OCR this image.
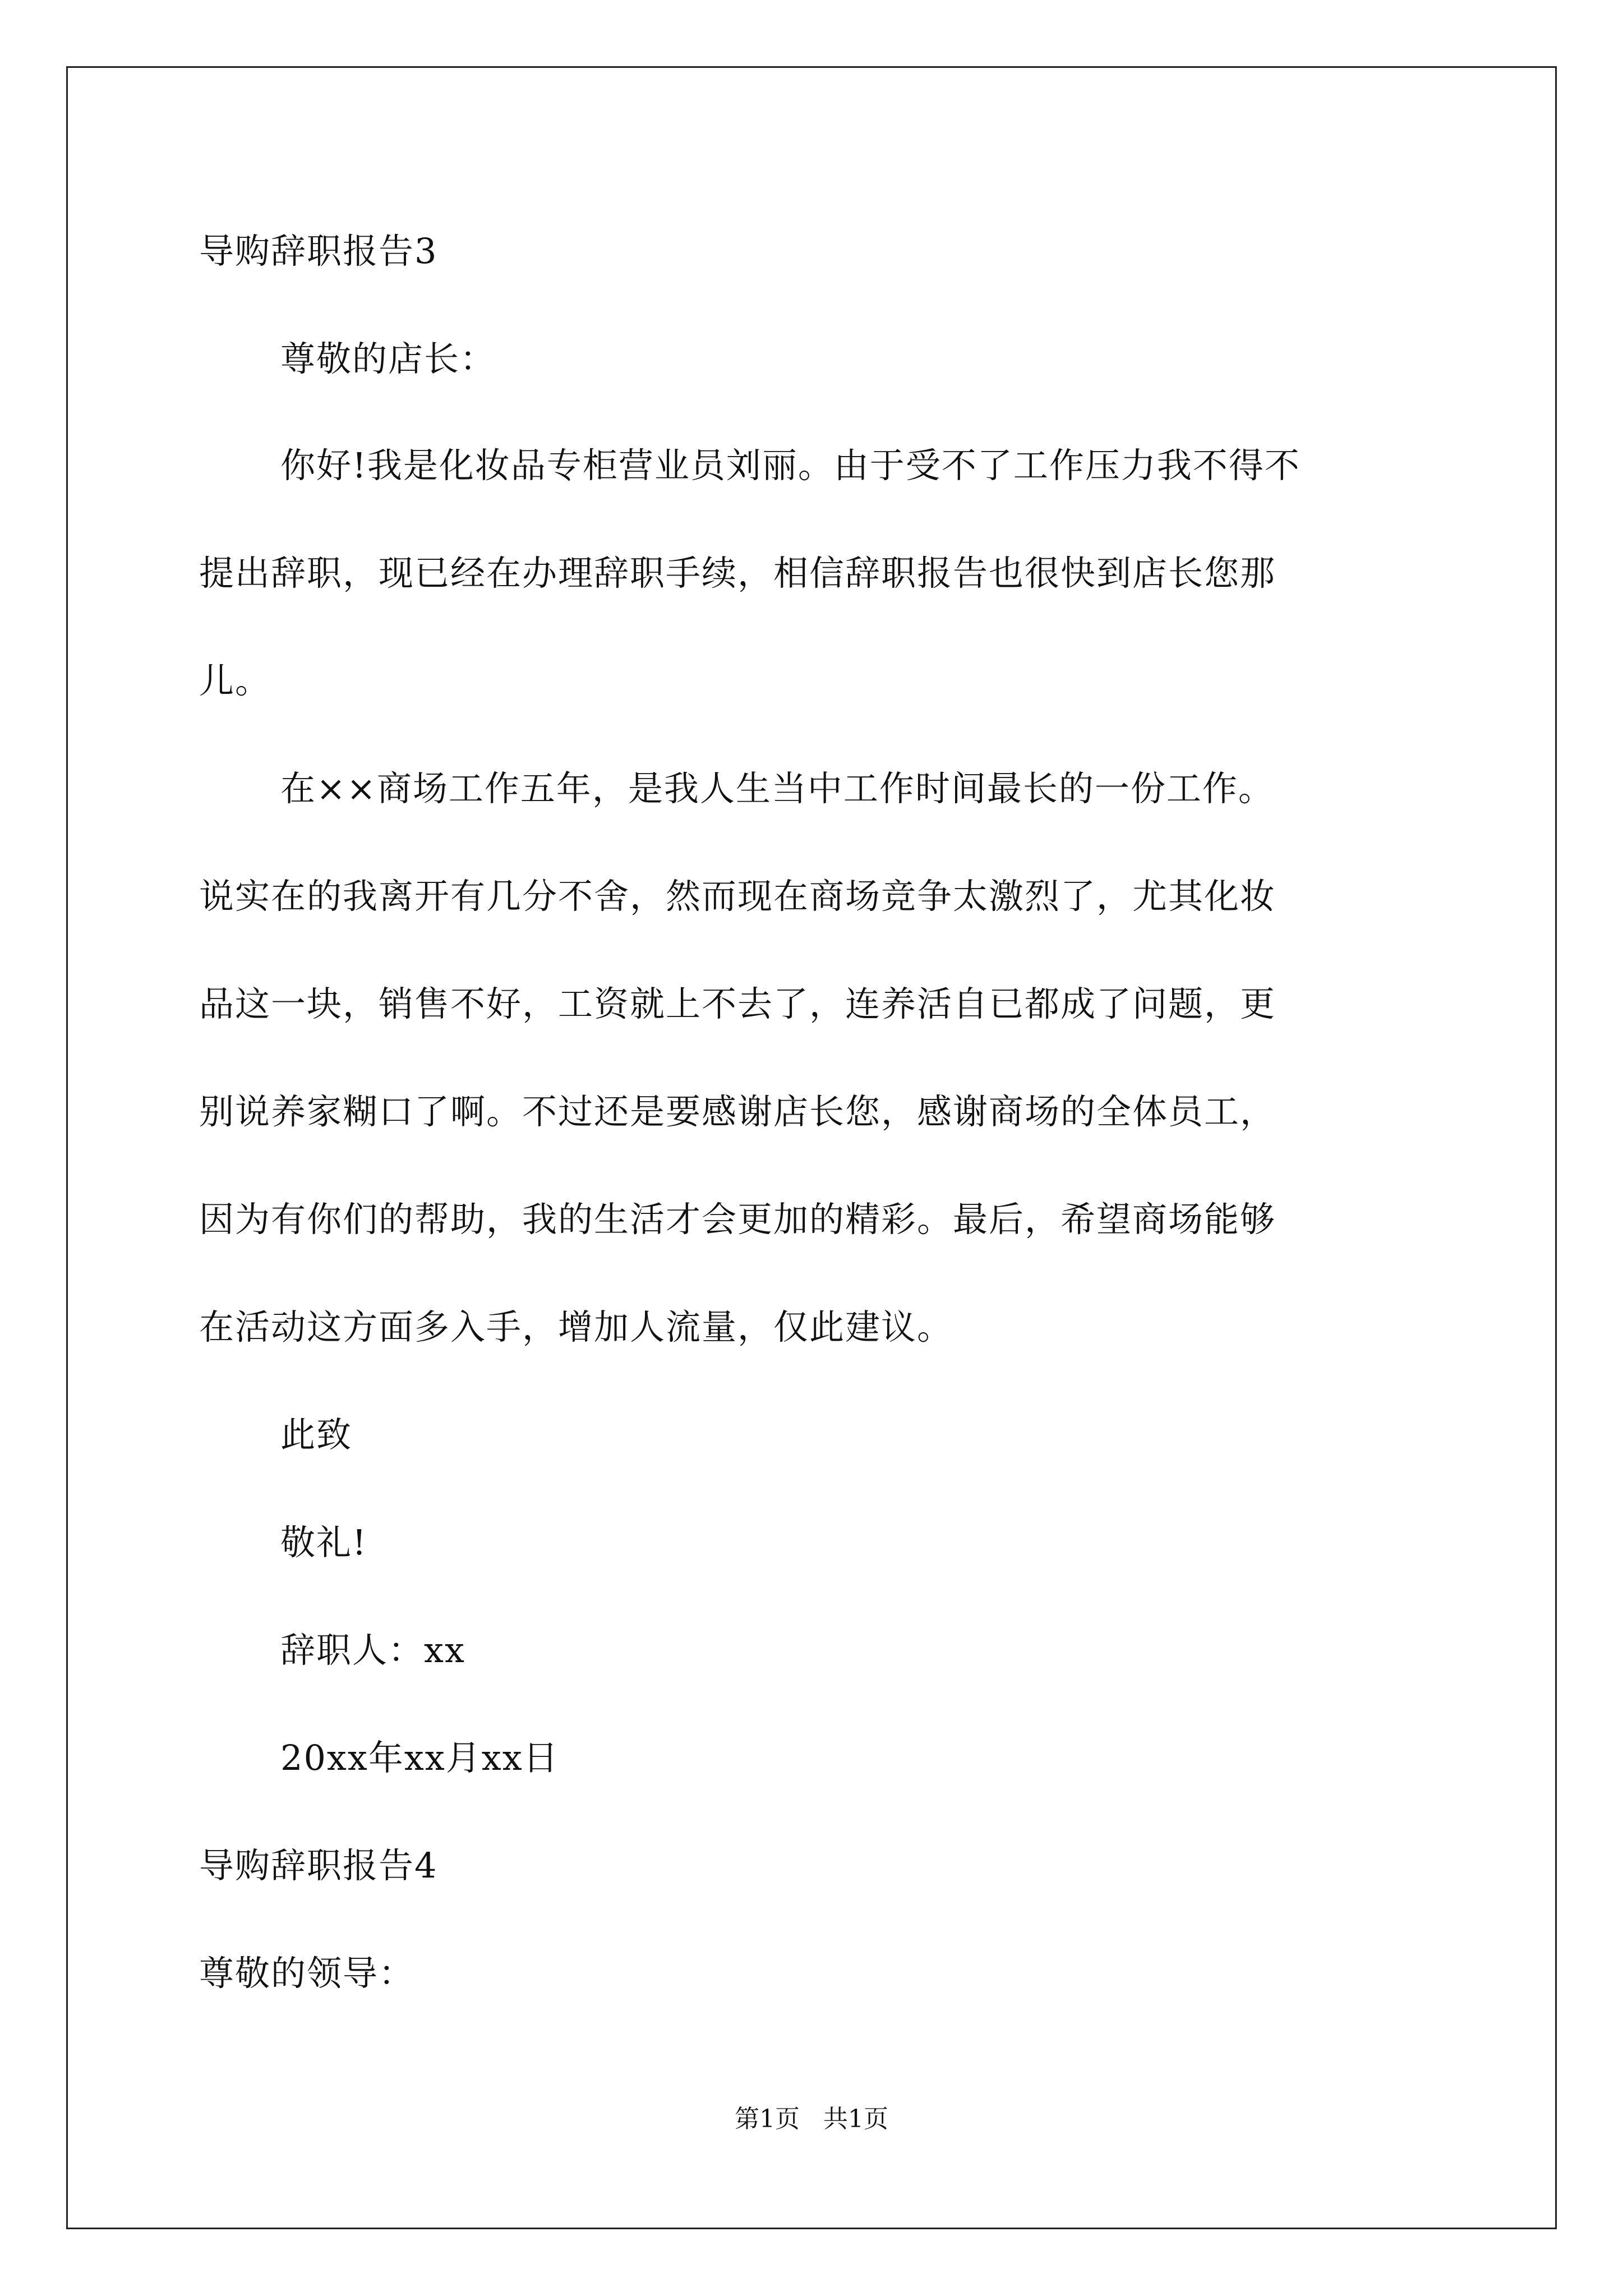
导购辞职报告3
尊敬的店长：
你好!我是化妆品专柜营业员刘丽。由于受不了工作压力我不得不
提出辞职，现已经在办理辞职手续，相信辞职报告也很快到店长您那
儿。
在××商场工作五年，是我人生当中工作时间最长的一份工作。
说实在的我离开有几分不舍，然而现在商场竞争太激烈了，尤其化妆
品这一块，销售不好，工资就上不去了，连养活自已都成了问题，更
别说养家糊口了啊。不过还是要感谢店长您，感谢商场的全体员工，
因为有你们的帮助，我的生活才会更加的精彩。最后，希望商场能够
在活动这方面多入手，增加人流量，仅此建议。
此致
敬礼!
辞职人：xx
20xx年xx月xx日
导购辞职报告4
尊敬的领导：
第1页 共1页
